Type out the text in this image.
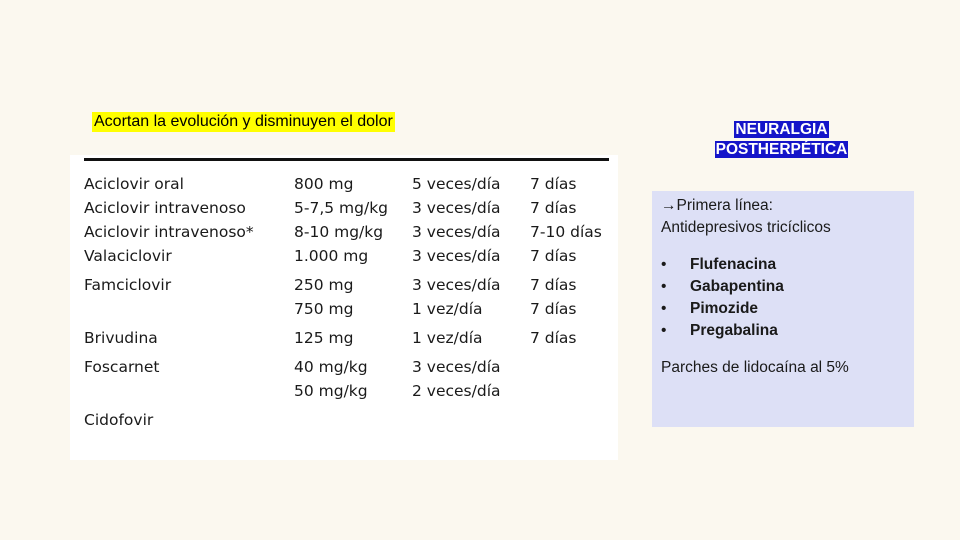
Acortan la evolución y disminuyen el dolor
Aciclovir oral	800 mg	5 veces/día	7 días
Aciclovir intravenoso	5-7,5 mg/kg	3 veces/día	7 días
Aciclovir intravenoso*	8-10 mg/kg	3 veces/día	7-10 días
Valaciclovir	1.000 mg	3 veces/día	7 días
Famciclovir	250 mg	3 veces/día	7 días
	750 mg	1 vez/día	7 días
Brivudina	125 mg	1 vez/día	7 días
Foscarnet	40 mg/kg	3 veces/día	
	50 mg/kg	2 veces/día	
Cidofovir			
NEURALGIA
POSTHERPÉTICA
→Primera línea:
Antidepresivos tricíclicos
• Flufenacina
• Gabapentina
• Pimozide
• Pregabalina
Parches de lidocaína al 5%
